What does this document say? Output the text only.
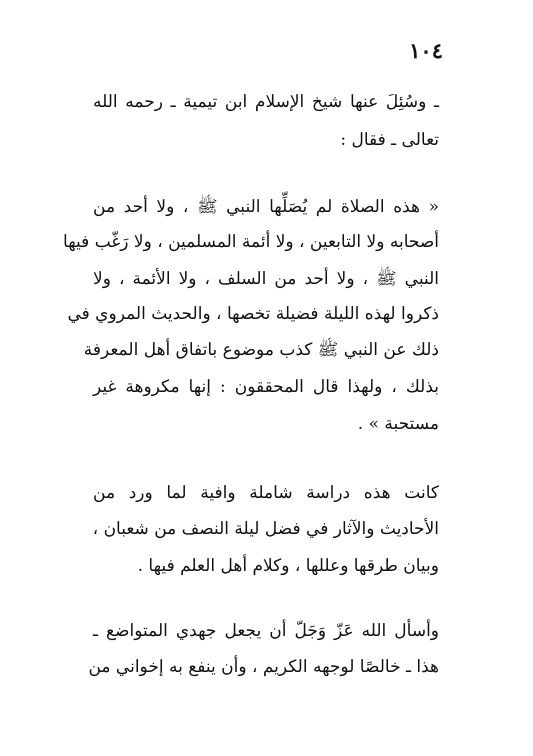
١٠٤
ـ وسُئِلَ عنها شيخ الإسلام ابن تيمية ـ رحمه الله
تعالى ـ فقال :
« هذه الصلاة لم يُصَلِّها النبي ﷺ ، ولا أحد من
أصحابه ولا التابعين ، ولا أئمة المسلمين ، ولا رَغّب فيها
النبي ﷺ ، ولا أحد من السلف ، ولا الأئمة ، ولا
ذكروا لهذه الليلة فضيلة تخصها ، والحديث المروي في
ذلك عن النبي ﷺ كذب موضوع باتفاق أهل المعرفة
بذلك ، ولهذا قال المحققون : إنها مكروهة غير
مستحبة » .
كانت هذه دراسة شاملة وافية لما ورد من
الأحاديث والآثار في فضل ليلة النصف من شعبان ،
وبيان طرقها وعللها ، وكلام أهل العلم فيها .
وأسأل الله عَزّ وَجَلّ أن يجعل جهدي المتواضع ـ
هذا ـ خالصًا لوجهه الكريم ، وأن ينفع به إخواني من
